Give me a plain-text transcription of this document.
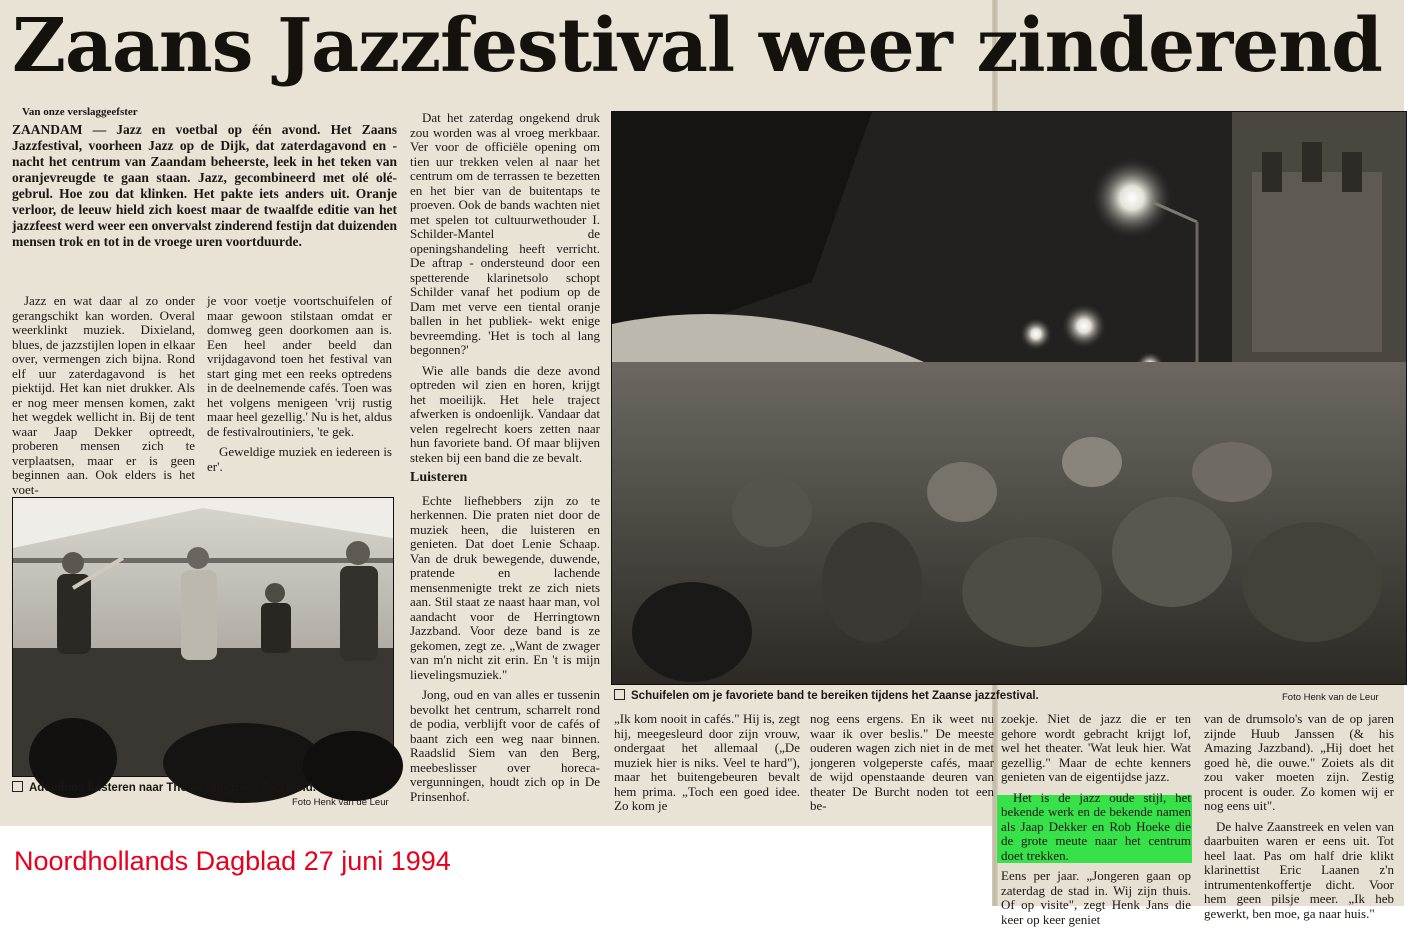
Zaans Jazzfestival weer zinderend
Van onze verslaggeefster
ZAANDAM — Jazz en voetbal op één avond. Het Zaans Jazzfestival, voorheen Jazz op de Dijk, dat zaterdagavond en -nacht het centrum van Zaandam beheerste, leek in het teken van oranjevreugde te gaan staan. Jazz, gecombineerd met olé olé-gebrul. Hoe zou dat klinken. Het pakte iets anders uit. Oranje verloor, de leeuw hield zich koest maar de twaalfde editie van het jazzfeest werd weer een onvervalst zinderend festijn dat duizenden mensen trok en tot in de vroege uren voortduurde.

Jazz en wat daar al zo onder gerangschikt kan worden. Overal weerklinkt muziek. Dixieland, blues, de jazzstijlen lopen in elkaar over, vermengen zich bijna. Rond elf uur zaterdagavond is het piektijd. Het kan niet drukker. Als er nog meer mensen komen, zakt het wegdek wellicht in. Bij de tent waar Jaap Dekker optreedt, proberen mensen zich te verplaatsen, maar er is geen beginnen aan. Ook elders is het voet-

je voor voetje voortschuifelen of maar gewoon stilstaan omdat er domweg geen doorkomen aan is. Een heel ander beeld dan vrijdagavond toen het festival van start ging met een reeks optredens in de deelnemende cafés. Toen was het volgens menigeen 'vrij rustig maar heel gezellig.' Nu is het, aldus de festivalroutiniers, 'te gek.

Geweldige muziek en iedereen is er'.

Dat het zaterdag ongekend druk zou worden was al vroeg merkbaar. Ver voor de officiële opening om tien uur trekken velen al naar het centrum om de terrassen te bezetten en het bier van de buitentaps te proeven. Ook de bands wachten niet met spelen tot cultuurwethouder I. Schilder-Mantel de openingshandeling heeft verricht. De aftrap - ondersteund door een spetterende klarinetsolo schopt Schilder vanaf het podium op de Dam met verve een tiental oranje ballen in het publiek- wekt enige bevreemding. 'Het is toch al lang begonnen?'

Wie alle bands die deze avond optreden wil zien en horen, krijgt het moeilijk. Het hele traject afwerken is ondoenlijk. Vandaar dat velen regelrecht koers zetten naar hun favoriete band. Of maar blijven steken bij een band die ze bevalt.

Luisteren

Echte liefhebbers zijn zo te herkennen. Die praten niet door de muziek heen, die luisteren en genieten. Dat doet Lenie Schaap. Van de druk bewegende, duwende, pratende en lachende mensenmenigte trekt ze zich niets aan. Stil staat ze naast haar man, vol aandacht voor de Herringtown Jazzband. Voor deze band is ze gekomen, zegt ze. „Want de zwager van m'n nicht zit erin. En 't is mijn lievelingsmuziek."

Jong, oud en van alles er tussenin bevolkt het centrum, scharrelt rond de podia, verblijft voor de cafés of baant zich een weg naar binnen. Raadslid Siem van den Berg, meebeslisser over horeca-vergunningen, houdt zich op in De Prinsenhof.

Ademloos luisteren naar The Herringtown Jazzband.
Foto Henk van de Leur
Schuifelen om je favoriete band te bereiken tijdens het Zaanse jazzfestival.	Foto Henk van de Leur

„Ik kom nooit in cafés." Hij is, zegt hij, meegesleurd door zijn vrouw, ondergaat het allemaal („De muziek hier is niks. Veel te hard"), maar het buitengebeuren bevalt hem prima. „Toch een goed idee. Zo kom je

nog eens ergens. En ik weet nu waar ik over beslis." De meeste ouderen wagen zich niet in de met jongeren volgeperste cafés, maar de wijd openstaande deuren van theater De Burcht noden tot een be-

zoekje. Niet de jazz die er ten gehore wordt gebracht krijgt lof, wel het theater. 'Wat leuk hier. Wat gezellig." Maar de echte kenners genieten van de eigentijdse jazz.

Het is de jazz oude stijl, het bekende werk en de bekende namen als Jaap Dekker en Rob Hoeke die de grote meute naar het centrum doet trekken.

Eens per jaar. „Jongeren gaan op zaterdag de stad in. Wij zijn thuis. Of op visite", zegt Henk Jans die keer op keer geniet

van de drumsolo's van de op jaren zijnde Huub Janssen (& his Amazing Jazzband). „Hij doet het goed hè, die ouwe." Zoiets als dit zou vaker moeten zijn. Zestig procent is ouder. Zo komen wij er nog eens uit".

De halve Zaanstreek en velen van daarbuiten waren er eens uit. Tot heel laat. Pas om half drie klikt klarinettist Eric Laanen z'n intrumentenkoffertje dicht. Voor hem geen pilsje meer. „Ik heb gewerkt, ben moe, ga naar huis."

Noordhollands Dagblad 27 juni 1994
